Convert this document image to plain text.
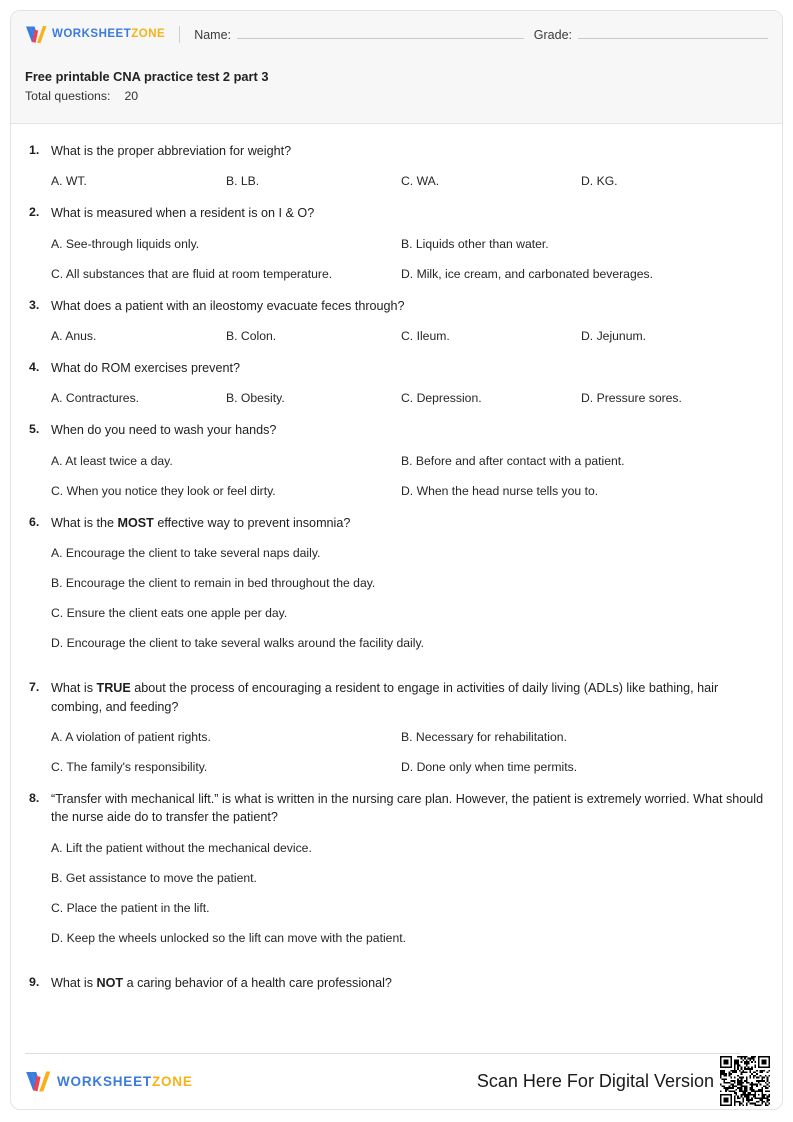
WORKSHEETZONE Name:	Grade:
Free printable CNA practice test 2 part 3
Total questions: 20
1. What is the proper abbreviation for weight?
A. WT.	B. LB.	C. WA.	D. KG.
2. What is measured when a resident is on I & O?
A. See-through liquids only.	B. Liquids other than water.
C. All substances that are fluid at room temperature.	D. Milk, ice cream, and carbonated beverages.
3. What does a patient with an ileostomy evacuate feces through?
A. Anus.	B. Colon.	C. Ileum.	D. Jejunum.
4. What do ROM exercises prevent?
A. Contractures.	B. Obesity.	C. Depression.	D. Pressure sores.
5. When do you need to wash your hands?
A. At least twice a day.	B. Before and after contact with a patient.
C. When you notice they look or feel dirty.	D. When the head nurse tells you to.
6. What is the MOST effective way to prevent insomnia?
A. Encourage the client to take several naps daily.
B. Encourage the client to remain in bed throughout the day.
C. Ensure the client eats one apple per day.
D. Encourage the client to take several walks around the facility daily.
7. What is TRUE about the process of encouraging a resident to engage in activities of daily living (ADLs) like bathing, hair combing, and feeding?
A. A violation of patient rights.	B. Necessary for rehabilitation.
C. The family's responsibility.	D. Done only when time permits.
8. “Transfer with mechanical lift.” is what is written in the nursing care plan. However, the patient is extremely worried. What should the nurse aide do to transfer the patient?
A. Lift the patient without the mechanical device.
B. Get assistance to move the patient.
C. Place the patient in the lift.
D. Keep the wheels unlocked so the lift can move with the patient.
9. What is NOT a caring behavior of a health care professional?
WORKSHEETZONE	Scan Here For Digital Version
